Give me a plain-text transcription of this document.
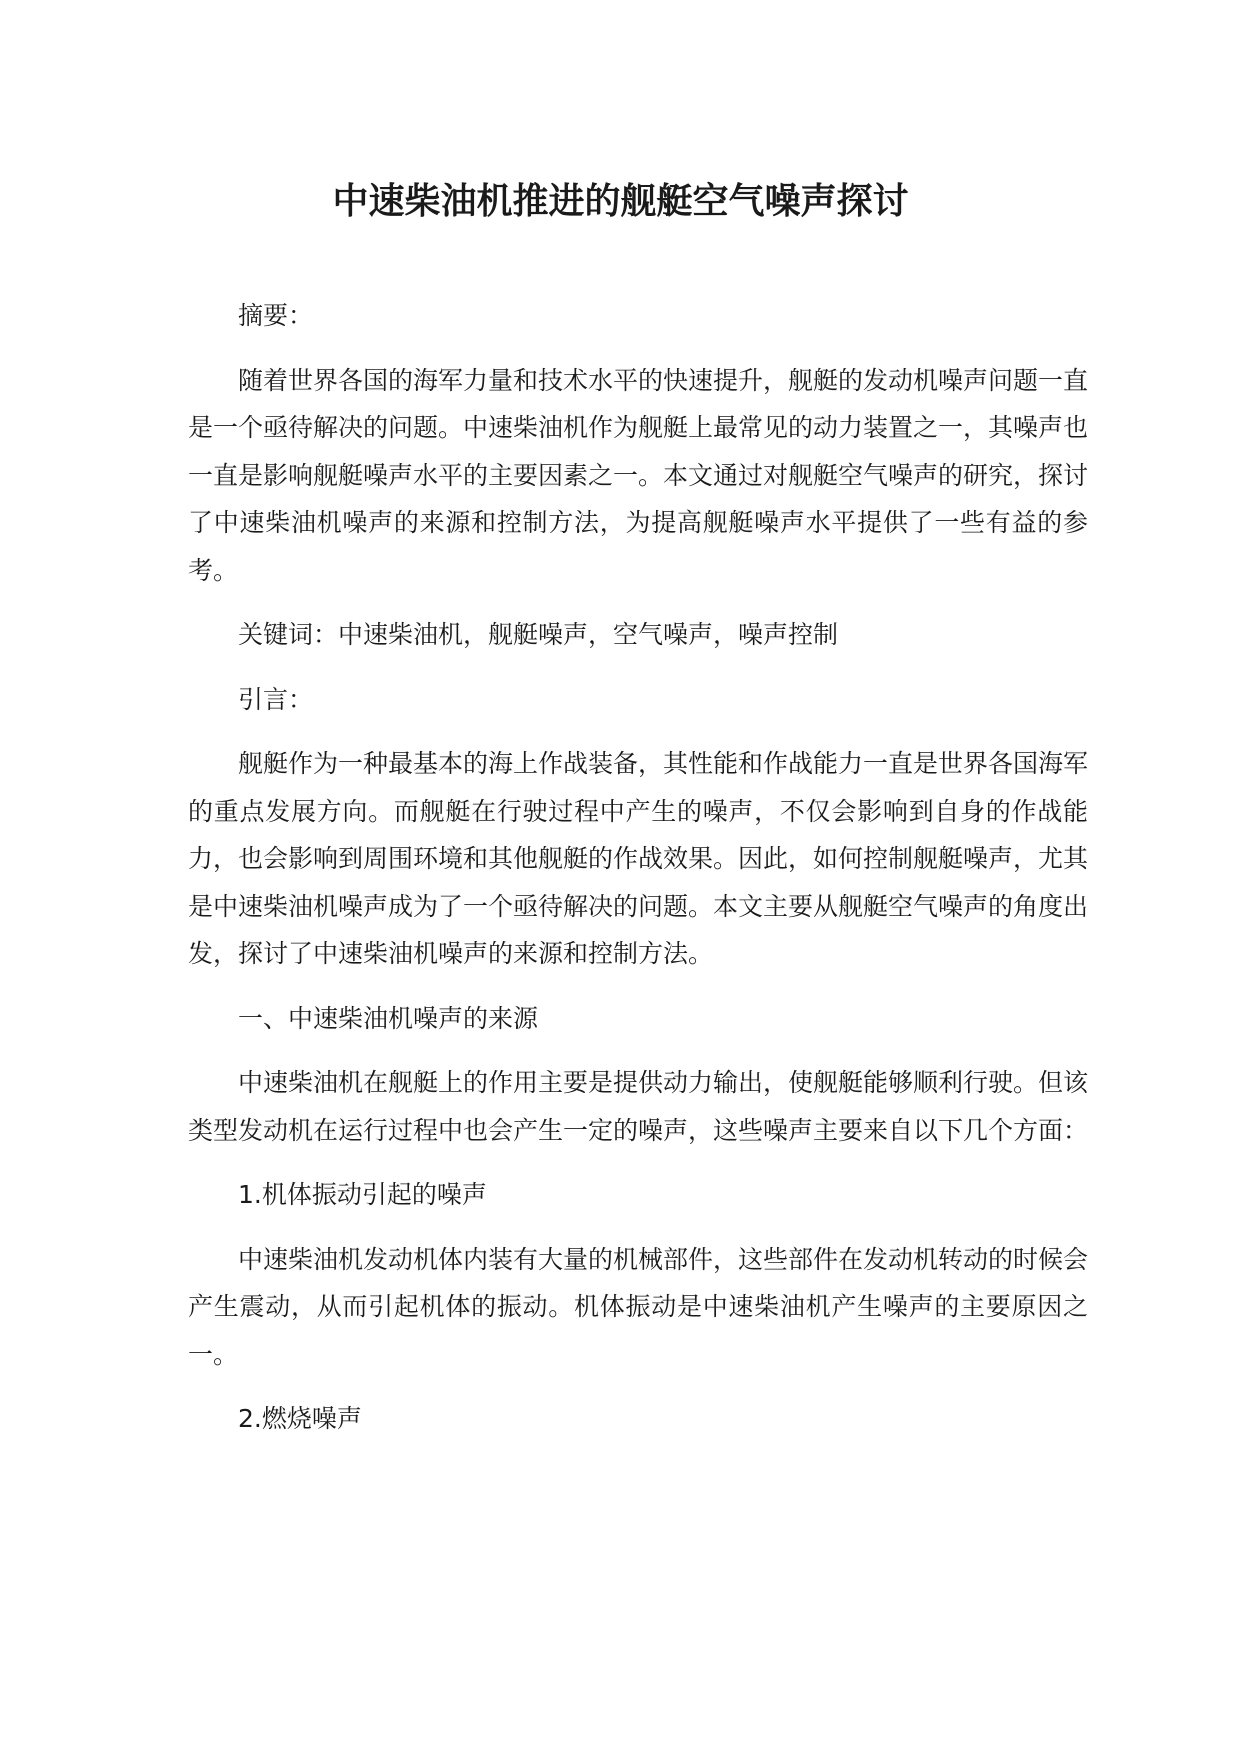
中速柴油机推进的舰艇空气噪声探讨

摘要：

随着世界各国的海军力量和技术水平的快速提升，舰艇的发动机噪声问题一直是一个亟待解决的问题。中速柴油机作为舰艇上最常见的动力装置之一，其噪声也一直是影响舰艇噪声水平的主要因素之一。本文通过对舰艇空气噪声的研究，探讨了中速柴油机噪声的来源和控制方法，为提高舰艇噪声水平提供了一些有益的参考。

关键词：中速柴油机，舰艇噪声，空气噪声，噪声控制

引言：

舰艇作为一种最基本的海上作战装备，其性能和作战能力一直是世界各国海军的重点发展方向。而舰艇在行驶过程中产生的噪声，不仅会影响到自身的作战能力，也会影响到周围环境和其他舰艇的作战效果。因此，如何控制舰艇噪声，尤其是中速柴油机噪声成为了一个亟待解决的问题。本文主要从舰艇空气噪声的角度出发，探讨了中速柴油机噪声的来源和控制方法。

一、中速柴油机噪声的来源

中速柴油机在舰艇上的作用主要是提供动力输出，使舰艇能够顺利行驶。但该类型发动机在运行过程中也会产生一定的噪声，这些噪声主要来自以下几个方面：

1.机体振动引起的噪声

中速柴油机发动机体内装有大量的机械部件，这些部件在发动机转动的时候会产生震动，从而引起机体的振动。机体振动是中速柴油机产生噪声的主要原因之一。

2.燃烧噪声
